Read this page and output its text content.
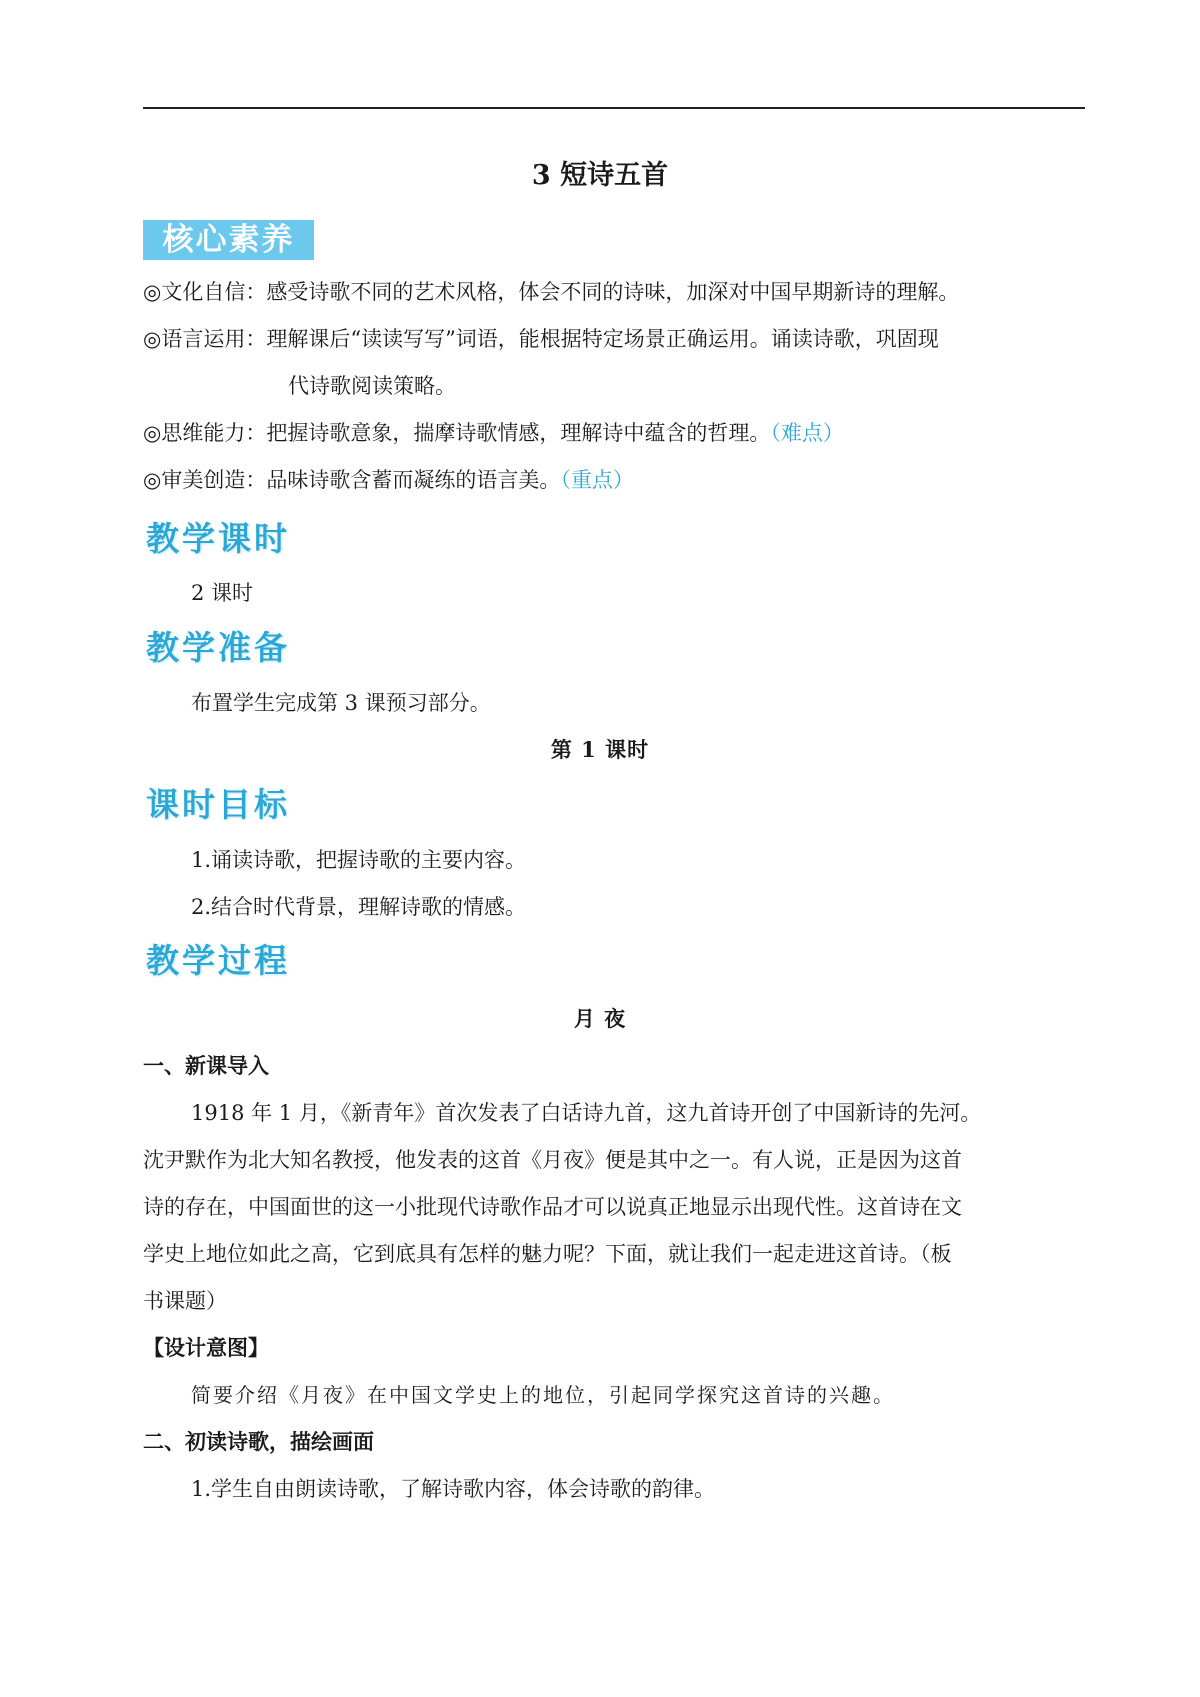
3 短诗五首
核心素养
◎文化自信：感受诗歌不同的艺术风格，体会不同的诗味，加深对中国早期新诗的理解。
◎语言运用：理解课后“读读写写”词语，能根据特定场景正确运用。诵读诗歌，巩固现
代诗歌阅读策略。
◎思维能力：把握诗歌意象，揣摩诗歌情感，理解诗中蕴含的哲理。（难点）
◎审美创造：品味诗歌含蓄而凝练的语言美。（重点）
教学课时
2 课时
教学准备
布置学生完成第 3 课预习部分。
第 1 课时
课时目标
1.诵读诗歌，把握诗歌的主要内容。
2.结合时代背景，理解诗歌的情感。
教学过程
月 夜
一、新课导入
1918 年 1 月，《新青年》首次发表了白话诗九首，这九首诗开创了中国新诗的先河。
沈尹默作为北大知名教授，他发表的这首《月夜》便是其中之一。有人说，正是因为这首
诗的存在，中国面世的这一小批现代诗歌作品才可以说真正地显示出现代性。这首诗在文
学史上地位如此之高，它到底具有怎样的魅力呢？下面，就让我们一起走进这首诗。（板
书课题）
【设计意图】
简要介绍《月夜》在中国文学史上的地位，引起同学探究这首诗的兴趣。
二、初读诗歌，描绘画面
1.学生自由朗读诗歌，了解诗歌内容，体会诗歌的韵律。
